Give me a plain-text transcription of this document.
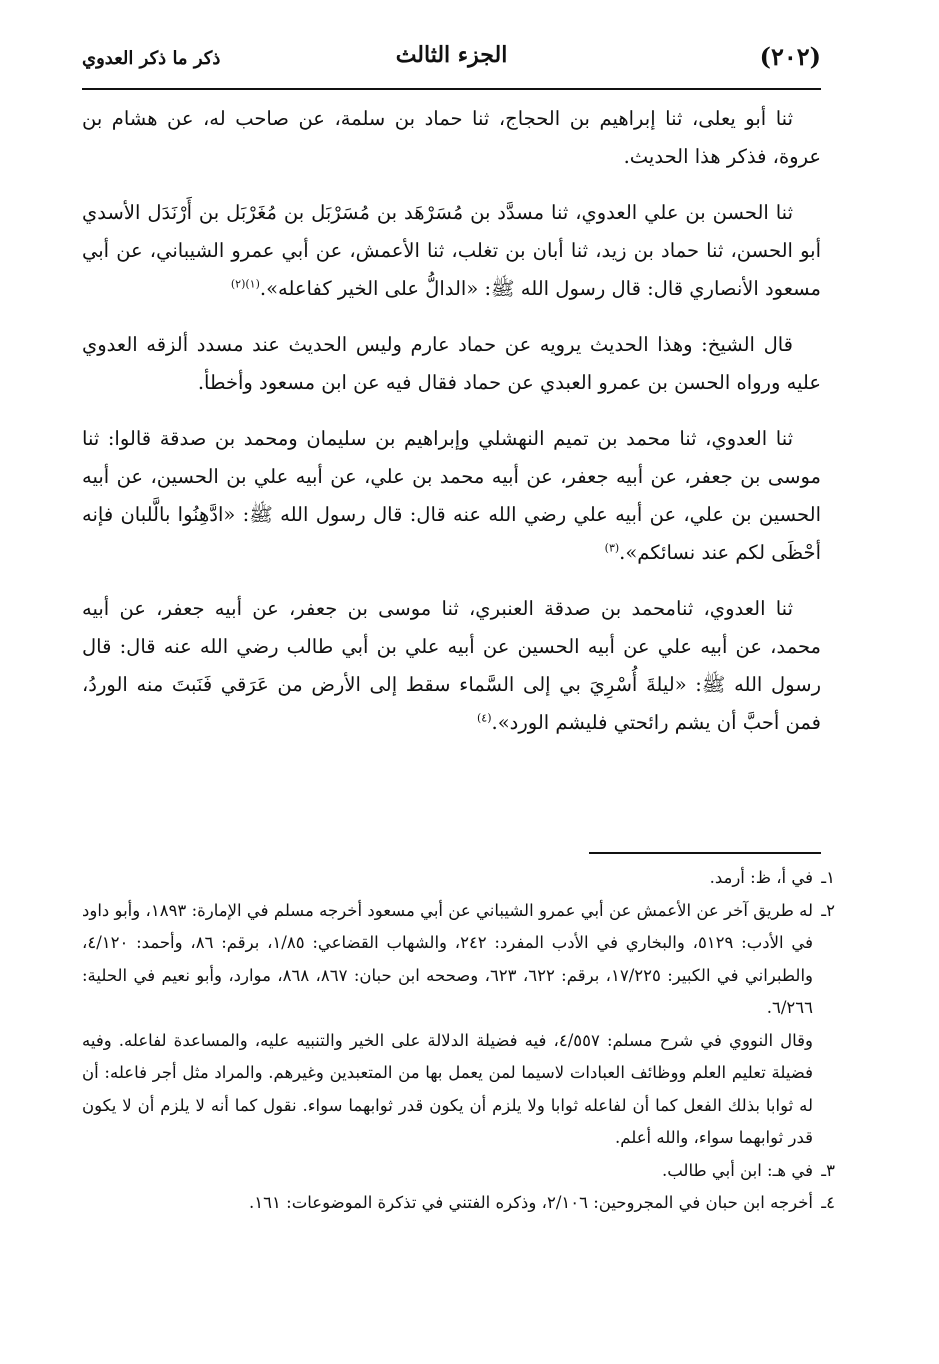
(٢٠٢)
الجزء الثالث
ذكر ما ذكر العدوي

ثنا أبو يعلى، ثنا إبراهيم بن الحجاج، ثنا حماد بن سلمة، عن صاحب له، عن هشام بن عروة، فذكر هذا الحديث.

ثنا الحسن بن علي العدوي، ثنا مسدَّد بن مُسَرْهَد بن مُسَرْبَل بن مُغَرْبَل بن أَرْنَدَل الأسدي أبو الحسن، ثنا حماد بن زيد، ثنا أبان بن تغلب، ثنا الأعمش، عن أبي عمرو الشيباني، عن أبي مسعود الأنصاري قال: قال رسول الله ﷺ: «الدالُّ على الخير كفاعله».$^{(١)(٢)}$

قال الشيخ: وهذا الحديث يرويه عن حماد عارم وليس الحديث عند مسدد ألزقه العدوي عليه ورواه الحسن بن عمرو العبدي عن حماد فقال فيه عن ابن مسعود وأخطأ.

ثنا العدوي، ثنا محمد بن تميم النهشلي وإبراهيم بن سليمان ومحمد بن صدقة قالوا: ثنا موسى بن جعفر، عن أبيه جعفر، عن أبيه محمد بن علي، عن أبيه علي بن الحسين، عن أبيه الحسين بن علي، عن أبيه علي رضي الله عنه قال: قال رسول الله ﷺ: «ادَّهِنُوا بالَّلبان فإنه أحْظَى لكم عند نسائكم».$^{(٣)}$

ثنا العدوي، ثنامحمد بن صدقة العنبري، ثنا موسى بن جعفر، عن أبيه جعفر، عن أبيه محمد، عن أبيه علي عن أبيه الحسين عن أبيه علي بن أبي طالب رضي الله عنه قال: قال رسول الله ﷺ: «ليلةَ أُسْرِيَ بي إلى السَّماء سقط إلى الأرض من عَرَقي فَنَبتَ منه الوردُ، فمن أحبَّ أن يشم رائحتي فليشم الورد».$^{(٤)}$

١ـ
في أ، ظ: أرمد.

٢ـ
له طريق آخر عن الأعمش عن أبي عمرو الشيباني عن أبي مسعود أخرجه مسلم في الإمارة: ١٨٩٣، وأبو داود في الأدب: ٥١٢٩، والبخاري في الأدب المفرد: ٢٤٢، والشهاب القضاعي: ١/٨٥، برقم: ٨٦، وأحمد: ٤/١٢٠، والطبراني في الكبير: ١٧/٢٢٥، برقم: ٦٢٢، ٦٢٣، وصححه ابن حبان: ٨٦٧، ٨٦٨، موارد، وأبو نعيم في الحلية: ٦/٢٦٦.
وقال النووي في شرح مسلم: ٤/٥٥٧، فيه فضيلة الدلالة على الخير والتنبيه عليه، والمساعدة لفاعله. وفيه فضيلة تعليم العلم ووظائف العبادات لاسيما لمن يعمل بها من المتعبدين وغيرهم. والمراد مثل أجر فاعله: أن له ثوابا بذلك الفعل كما أن لفاعله ثوابا ولا يلزم أن يكون قدر ثوابهما سواء. نقول كما أنه لا يلزم أن لا يكون قدر ثوابهما سواء، والله أعلم.

٣ـ
في هـ: ابن أبي طالب.

٤ـ
أخرجه ابن حبان في المجروحين: ٢/١٠٦، وذكره الفتني في تذكرة الموضوعات: ١٦١.
